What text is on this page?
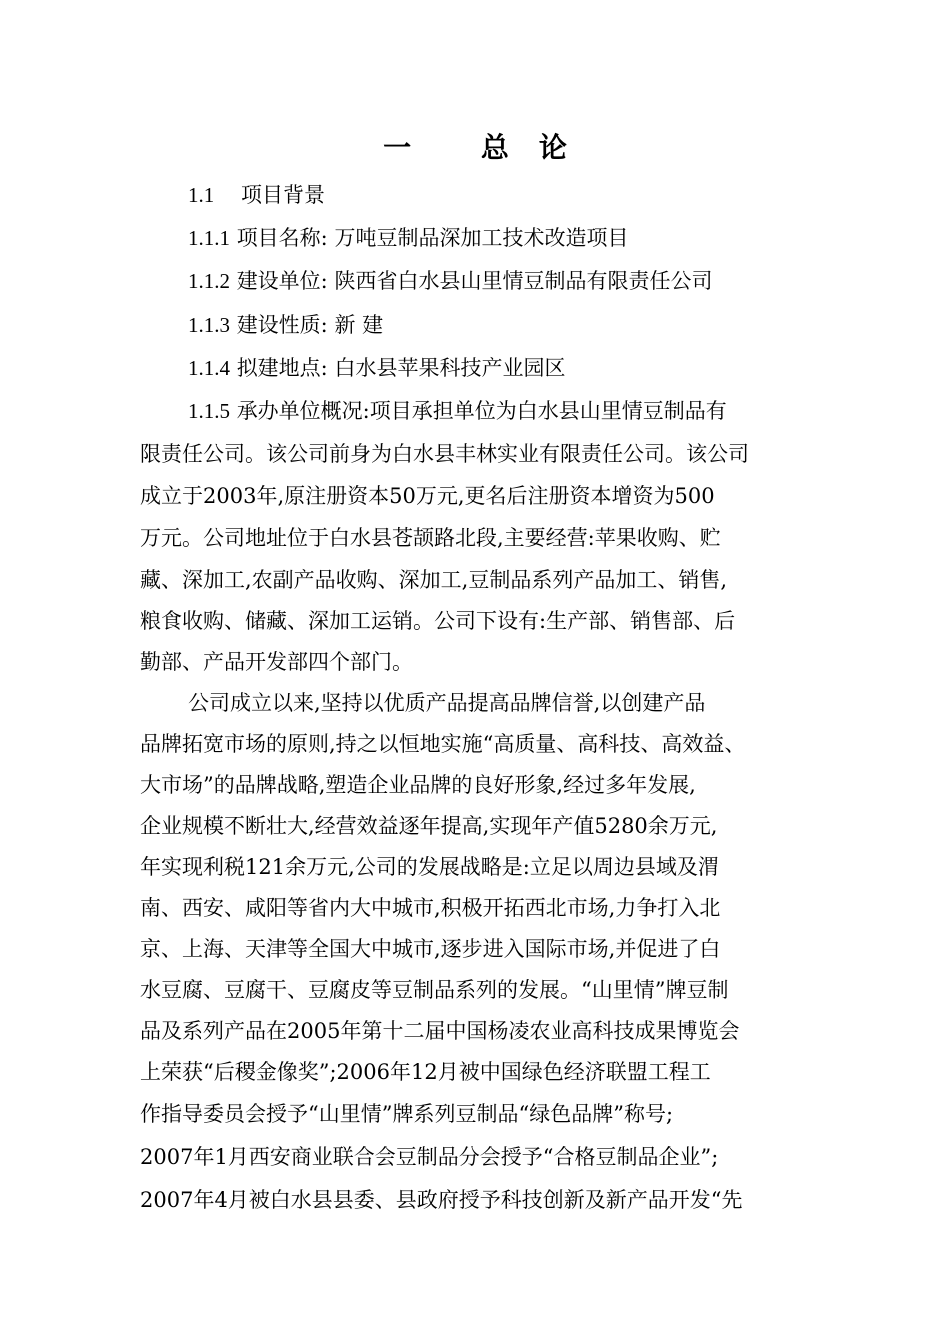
一 总论
1.1 项目背景
1.1.1 项目名称: 万吨豆制品深加工技术改造项目
1.1.2 建设单位: 陕西省白水县山里情豆制品有限责任公司
1.1.3 建设性质: 新 建
1.1.4 拟建地点: 白水县苹果科技产业园区
1.1.5 承办单位概况:项目承担单位为白水县山里情豆制品有
限责任公司。该公司前身为白水县丰林实业有限责任公司。该公司
成立于2003年,原注册资本50万元,更名后注册资本增资为500
万元。公司地址位于白水县苍颉路北段,主要经营:苹果收购、贮
藏、深加工,农副产品收购、深加工,豆制品系列产品加工、销售,
粮食收购、储藏、深加工运销。公司下设有:生产部、销售部、后
勤部、产品开发部四个部门。
公司成立以来,坚持以优质产品提高品牌信誉,以创建产品
品牌拓宽市场的原则,持之以恒地实施“高质量、高科技、高效益、
大市场”的品牌战略,塑造企业品牌的良好形象,经过多年发展,
企业规模不断壮大,经营效益逐年提高,实现年产值5280余万元,
年实现利税121余万元,公司的发展战略是:立足以周边县域及渭
南、西安、咸阳等省内大中城市,积极开拓西北市场,力争打入北
京、上海、天津等全国大中城市,逐步进入国际市场,并促进了白
水豆腐、豆腐干、豆腐皮等豆制品系列的发展。“山里情”牌豆制
品及系列产品在2005年第十二届中国杨凌农业高科技成果博览会
上荣获“后稷金像奖”;2006年12月被中国绿色经济联盟工程工
作指导委员会授予“山里情”牌系列豆制品“绿色品牌”称号;
2007年1月西安商业联合会豆制品分会授予“合格豆制品企业”;
2007年4月被白水县县委、县政府授予科技创新及新产品开发“先
